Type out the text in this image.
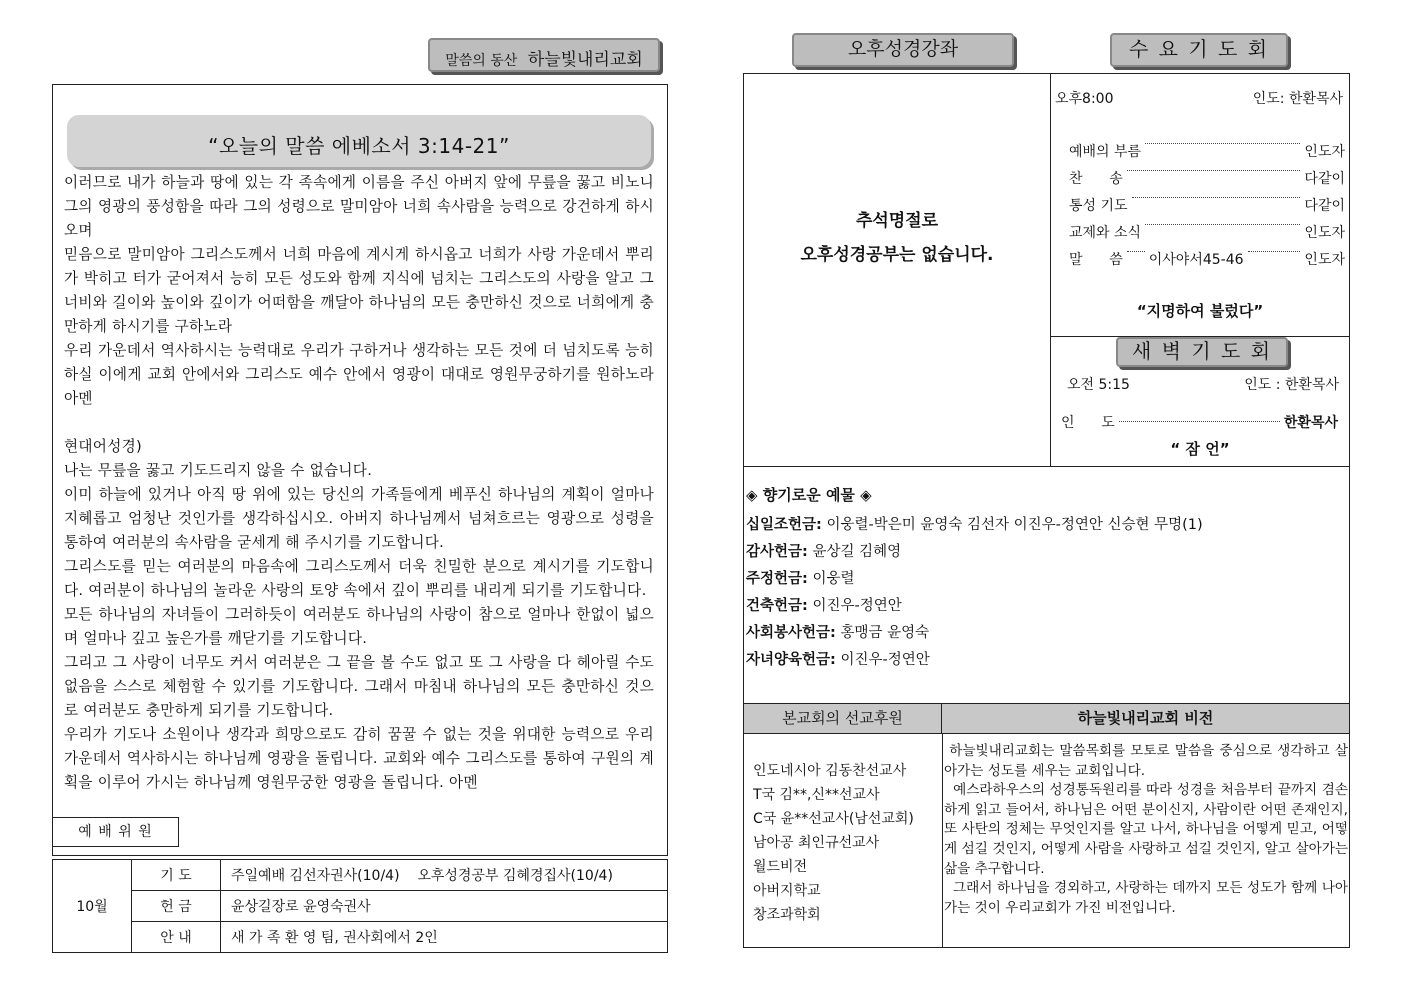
말씀의 동산 하늘빛내리교회
“오늘의 말씀 에베소서 3:14-21”

이러므로 내가 하늘과 땅에 있는 각 족속에게 이름을 주신 아버지 앞에 무릎을 꿇고 비노니 그의 영광의 풍성함을 따라 그의 성령으로 말미암아 너희 속사람을 능력으로 강건하게 하시오며

믿음으로 말미암아 그리스도께서 너희 마음에 계시게 하시옵고 너희가 사랑 가운데서 뿌리가 박히고 터가 굳어져서 능히 모든 성도와 함께 지식에 넘치는 그리스도의 사랑을 알고 그 너비와 길이와 높이와 깊이가 어떠함을 깨달아 하나님의 모든 충만하신 것으로 너희에게 충만하게 하시기를 구하노라

우리 가운데서 역사하시는 능력대로 우리가 구하거나 생각하는 모든 것에 더 넘치도록 능히 하실 이에게 교회 안에서와 그리스도 예수 안에서 영광이 대대로 영원무궁하기를 원하노라 아멘

현대어성경)

나는 무릎을 꿇고 기도드리지 않을 수 없습니다.

이미 하늘에 있거나 아직 땅 위에 있는 당신의 가족들에게 베푸신 하나님의 계획이 얼마나 지혜롭고 엄청난 것인가를 생각하십시오. 아버지 하나님께서 넘쳐흐르는 영광으로 성령을 통하여 여러분의 속사람을 굳세게 해 주시기를 기도합니다.

그리스도를 믿는 여러분의 마음속에 그리스도께서 더욱 친밀한 분으로 계시기를 기도합니다. 여러분이 하나님의 놀라운 사랑의 토양 속에서 깊이 뿌리를 내리게 되기를 기도합니다.

모든 하나님의 자녀들이 그러하듯이 여러분도 하나님의 사랑이 참으로 얼마나 한없이 넓으며 얼마나 깊고 높은가를 깨닫기를 기도합니다.

그리고 그 사랑이 너무도 커서 여러분은 그 끝을 볼 수도 없고 또 그 사랑을 다 헤아릴 수도 없음을 스스로 체험할 수 있기를 기도합니다. 그래서 마침내 하나님의 모든 충만하신 것으로 여러분도 충만하게 되기를 기도합니다.

우리가 기도나 소원이나 생각과 희망으로도 감히 꿈꿀 수 없는 것을 위대한 능력으로 우리 가운데서 역사하시는 하나님께 영광을 돌립니다. 교회와 예수 그리스도를 통하여 구원의 계획을 이루어 가시는 하나님께 영원무궁한 영광을 돌립니다. 아멘

예 배 위 원
10월	기 도	주일예배 김선자권사(10/4)    오후성경공부 김혜경집사(10/4)
	헌 금	윤상길장로 윤영숙권사
	안 내	새 가 족 환 영 팀, 권사회에서 2인
오후성경강좌	수 요 기 도 회
추석명절로
오후성경공부는 없습니다.
오후8:00	인도: 한환목사
예배의 부름	인도자
찬      송	다같이
통성 기도	다같이
교제와 소식	인도자
말      씀 이사야서45-46	인도자
“지명하여 불렀다”
새 벽 기 도 회
오전 5:15	인도 : 한환목사
인      도	한환목사
“ 잠 언”
◈ 향기로운 예물 ◈
십일조헌금: 이웅렬-박은미 윤영숙 김선자 이진우-정연안 신승현 무명(1)
감사헌금: 윤상길 김혜영
주정헌금: 이웅렬
건축헌금: 이진우-정연안
사회봉사헌금: 홍맹금 윤영숙
자녀양육헌금: 이진우-정연안
본교회의 선교후원	하늘빛내리교회 비전
인도네시아 김동찬선교사
T국 김**,신**선교사
C국 윤**선교사(남선교회)
남아공 최인규선교사
월드비전
아버지학교
창조과학회
하늘빛내리교회는 말씀목회를 모토로 말씀을 중심으로 생각하고 살아가는 성도를 세우는 교회입니다.
예스라하우스의 성경통독원리를 따라 성경을 처음부터 끝까지 겸손하게 읽고 들어서, 하나님은 어떤 분이신지, 사람이란 어떤 존재인지, 또 사탄의 정체는 무엇인지를 알고 나서, 하나님을 어떻게 믿고, 어떻게 섬길 것인지, 어떻게 사람을 사랑하고 섬길 것인지, 알고 살아가는 삶을 추구합니다.
그래서 하나님을 경외하고, 사랑하는 데까지 모든 성도가 함께 나아가는 것이 우리교회가 가진 비전입니다.
